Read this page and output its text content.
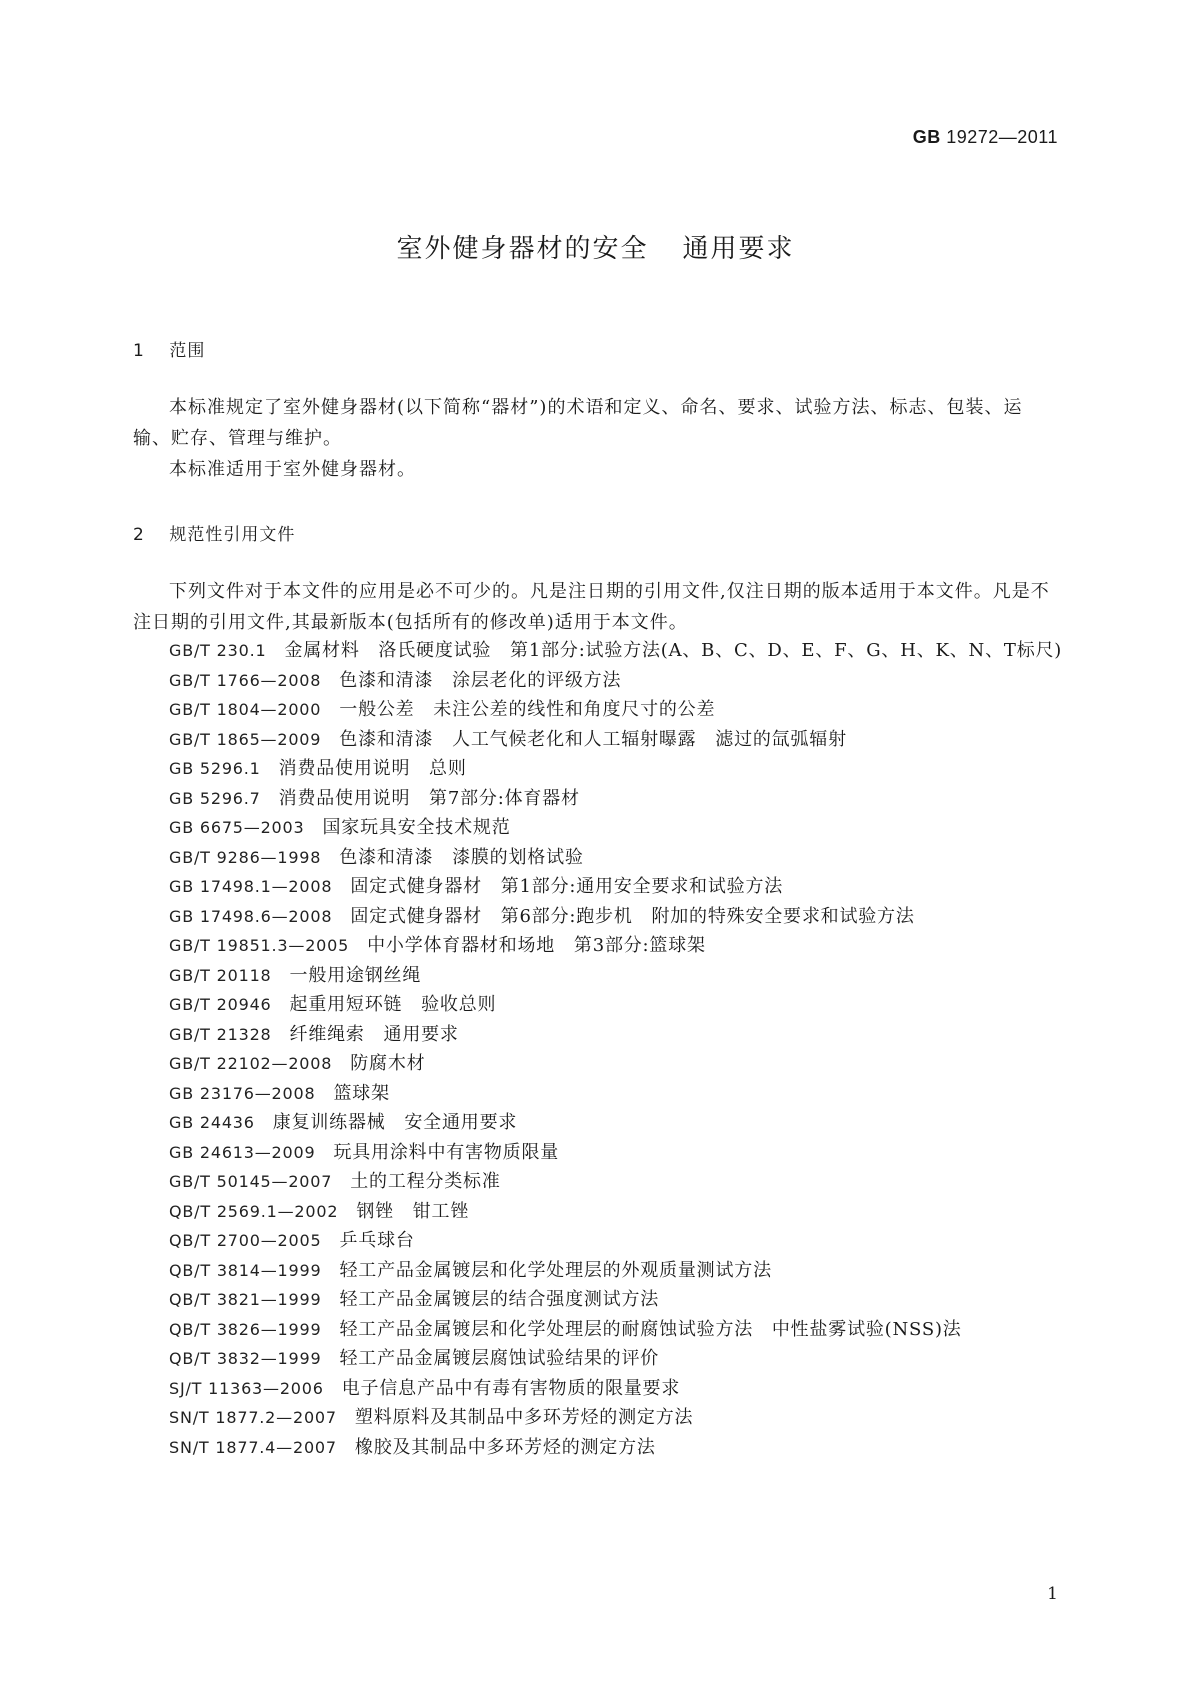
GB 19272—2011
室外健身器材的安全 通用要求
1 范围

本标准规定了室外健身器材(以下简称“器材”)的术语和定义、命名、要求、试验方法、标志、包装、运输、贮存、管理与维护。

本标准适用于室外健身器材。

2 规范性引用文件

下列文件对于本文件的应用是必不可少的。凡是注日期的引用文件,仅注日期的版本适用于本文件。凡是不注日期的引用文件,其最新版本(包括所有的修改单)适用于本文件。

GB/T 230.1 金属材料　洛氏硬度试验　第1部分:试验方法(A、B、C、D、E、F、G、H、K、N、T标尺)
GB/T 1766—2008 色漆和清漆　涂层老化的评级方法
GB/T 1804—2000 一般公差　未注公差的线性和角度尺寸的公差
GB/T 1865—2009 色漆和清漆　人工气候老化和人工辐射曝露　滤过的氙弧辐射
GB 5296.1 消费品使用说明　总则
GB 5296.7 消费品使用说明　第7部分:体育器材
GB 6675—2003 国家玩具安全技术规范
GB/T 9286—1998 色漆和清漆　漆膜的划格试验
GB 17498.1—2008 固定式健身器材　第1部分:通用安全要求和试验方法
GB 17498.6—2008 固定式健身器材　第6部分:跑步机　附加的特殊安全要求和试验方法
GB/T 19851.3—2005 中小学体育器材和场地　第3部分:篮球架
GB/T 20118 一般用途钢丝绳
GB/T 20946 起重用短环链　验收总则
GB/T 21328 纤维绳索　通用要求
GB/T 22102—2008 防腐木材
GB 23176—2008 篮球架
GB 24436 康复训练器械　安全通用要求
GB 24613—2009 玩具用涂料中有害物质限量
GB/T 50145—2007 土的工程分类标准
QB/T 2569.1—2002 钢锉　钳工锉
QB/T 2700—2005 乒乓球台
QB/T 3814—1999 轻工产品金属镀层和化学处理层的外观质量测试方法
QB/T 3821—1999 轻工产品金属镀层的结合强度测试方法
QB/T 3826—1999 轻工产品金属镀层和化学处理层的耐腐蚀试验方法　中性盐雾试验(NSS)法
QB/T 3832—1999 轻工产品金属镀层腐蚀试验结果的评价
SJ/T 11363—2006 电子信息产品中有毒有害物质的限量要求
SN/T 1877.2—2007 塑料原料及其制品中多环芳烃的测定方法
SN/T 1877.4—2007 橡胶及其制品中多环芳烃的测定方法
1
